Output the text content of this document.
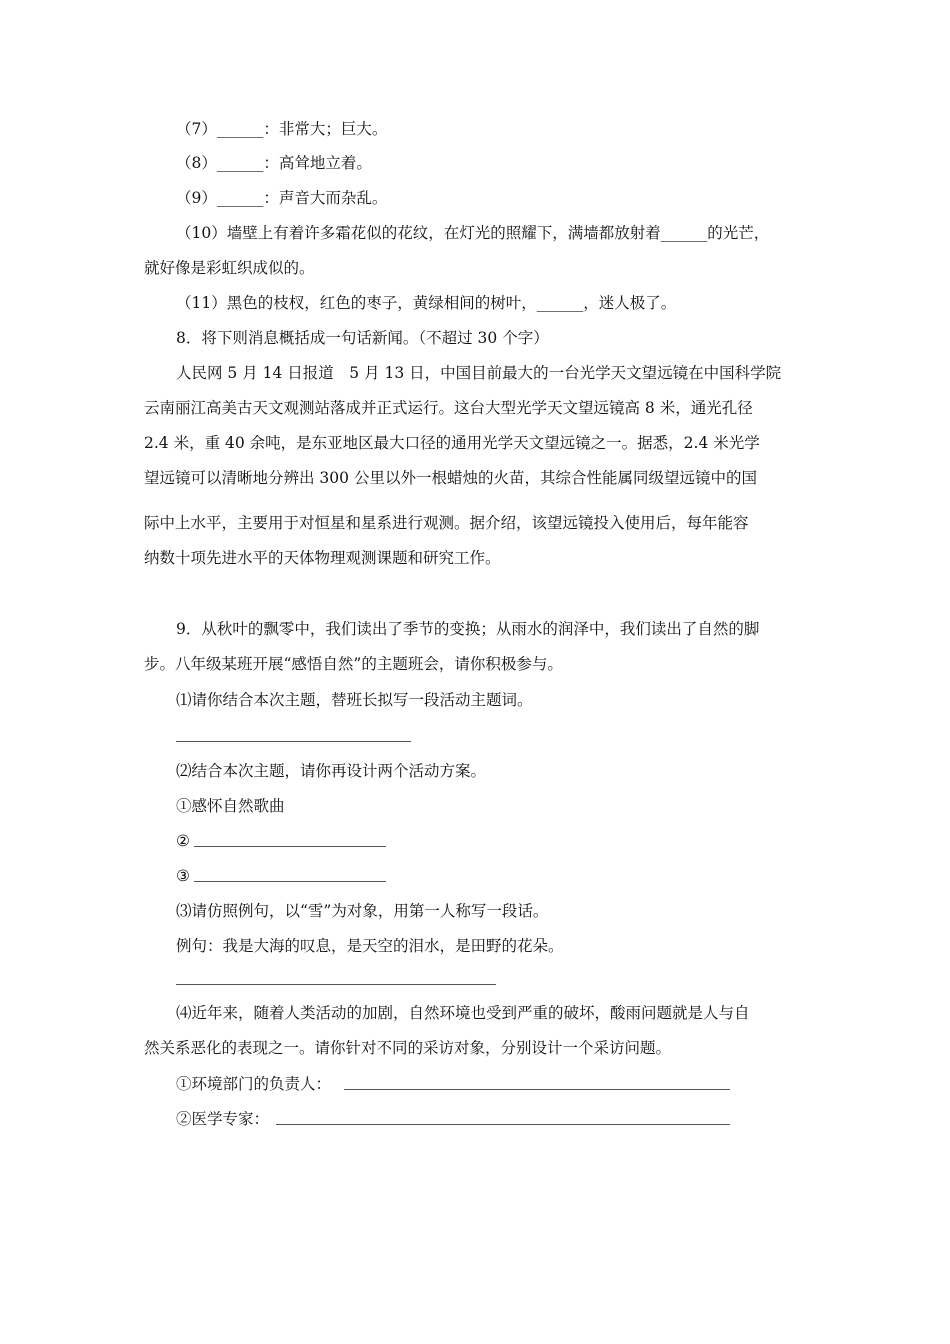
（7）______：非常大；巨大。
（8）______：高耸地立着。
（9）______：声音大而杂乱。
（10）墙壁上有着许多霜花似的花纹，在灯光的照耀下，满墙都放射着______的光芒，
就好像是彩虹织成似的。
（11）黑色的枝杈，红色的枣子，黄绿相间的树叶，______，迷人极了。
8．将下则消息概括成一句话新闻。（不超过 30 个字）
人民网 5 月 14 日报道　5 月 13 日，中国目前最大的一台光学天文望远镜在中国科学院
云南丽江高美古天文观测站落成并正式运行。这台大型光学天文望远镜高 8 米，通光孔径
2.4 米，重 40 余吨，是东亚地区最大口径的通用光学天文望远镜之一。据悉，2.4 米光学
望远镜可以清晰地分辨出 300 公里以外一根蜡烛的火苗，其综合性能属同级望远镜中的国
际中上水平，主要用于对恒星和星系进行观测。据介绍，该望远镜投入使用后，每年能容
纳数十项先进水平的天体物理观测课题和研究工作。
9．从秋叶的飘零中，我们读出了季节的变换；从雨水的润泽中，我们读出了自然的脚
步。八年级某班开展“感悟自然”的主题班会，请你积极参与。
⑴请你结合本次主题，替班长拟写一段活动主题词。
⑵结合本次主题，请你再设计两个活动方案。
①感怀自然歌曲
②
③
⑶请仿照例句，以“雪”为对象，用第一人称写一段话。
例句：我是大海的叹息，是天空的泪水，是田野的花朵。
⑷近年来，随着人类活动的加剧，自然环境也受到严重的破坏，酸雨问题就是人与自
然关系恶化的表现之一。请你针对不同的采访对象，分别设计一个采访问题。
①环境部门的负责人：
②医学专家：
